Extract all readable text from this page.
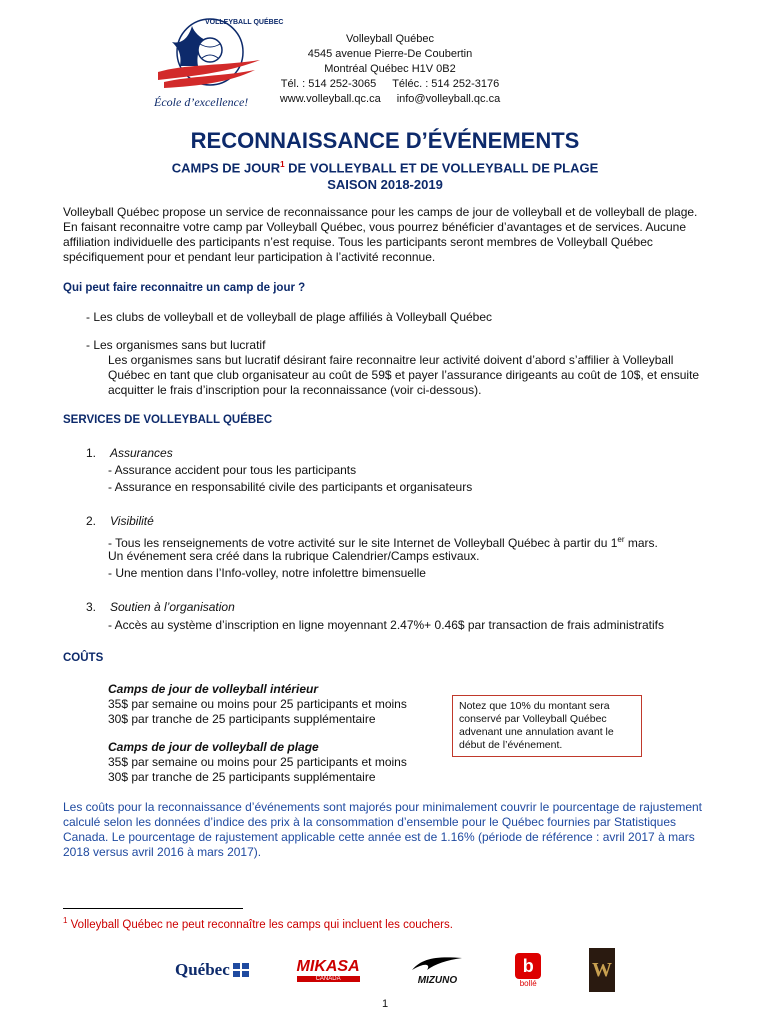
VOLLEYBALL QUÉBEC
École d’excellence!
Volleyball Québec
4545 avenue Pierre-De Coubertin
Montréal Québec H1V 0B2
Tél. : 514 252-3065 Téléc. : 514 252-3176
www.volleyball.qc.ca info@volleyball.qc.ca
RECONNAISSANCE D’ÉVÉNEMENTS
CAMPS DE JOUR$^1$ DE VOLLEYBALL ET DE VOLLEYBALL DE PLAGE
SAISON 2018-2019
Volleyball Québec propose un service de reconnaissance pour les camps de jour de volleyball et de volleyball de plage. En faisant reconnaitre votre camp par Volleyball Québec, vous pourrez bénéficier d’avantages et de services. Aucune affiliation individuelle des participants n’est requise. Tous les participants seront membres de Volleyball Québec spécifiquement pour et pendant leur participation à l’activité reconnue.
Qui peut faire reconnaitre un camp de jour ?
- Les clubs de volleyball et de volleyball de plage affiliés à Volleyball Québec
- Les organismes sans but lucratif
Les organismes sans but lucratif désirant faire reconnaitre leur activité doivent d’abord s’affilier à Volleyball Québec en tant que club organisateur au coût de 59$ et payer l’assurance dirigeants au coût de 10$, et ensuite acquitter le frais d’inscription pour la reconnaissance (voir ci-dessous).
SERVICES DE VOLLEYBALL QUÉBEC
1. Assurances
- Assurance accident pour tous les participants
- Assurance en responsabilité civile des participants et organisateurs
2. Visibilité
- Tous les renseignements de votre activité sur le site Internet de Volleyball Québec à partir du 1er mars.
Un événement sera créé dans la rubrique Calendrier/Camps estivaux.
- Une mention dans l’Info-volley, notre infolettre bimensuelle
3. Soutien à l’organisation
- Accès au système d’inscription en ligne moyennant 2.47%+ 0.46$ par transaction de frais administratifs
COÛTS
Camps de jour de volleyball intérieur
35$ par semaine ou moins pour 25 participants et moins
30$ par tranche de 25 participants supplémentaire
Camps de jour de volleyball de plage
35$ par semaine ou moins pour 25 participants et moins
30$ par tranche de 25 participants supplémentaire
Notez que 10% du montant sera conservé par Volleyball Québec advenant une annulation avant le début de l’événement.
Les coûts pour la reconnaissance d’événements sont majorés pour minimalement couvrir le pourcentage de rajustement calculé selon les données d’indice des prix à la consommation d’ensemble pour le Québec fournies par Statistiques Canada. Le pourcentage de rajustement applicable cette année est de 1.16% (période de référence : avril 2017 à mars 2018 versus avril 2016 à mars 2017).
$^1$ Volleyball Québec ne peut reconnaître les camps qui incluent les couchers.
Québec	MIKASA
CANADA	MIZUNO
b
bollé
W
1
